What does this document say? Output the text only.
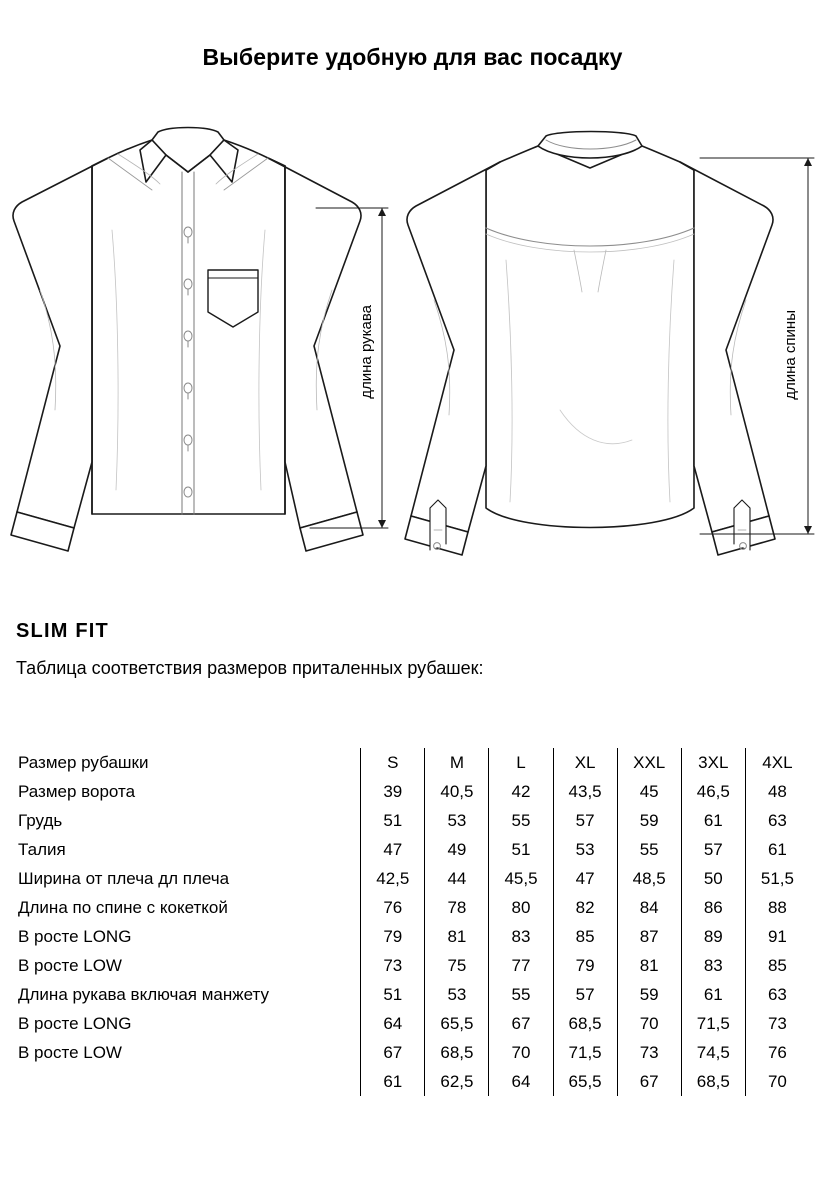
Выберите удобную для вас посадку
длина рукава	длина спины
SLIM FIT
Таблица соответствия размеров приталенных рубашек:
Размер рубашки	S	M	L	XL	XXL	3XL	4XL
Размер ворота	39	40,5	42	43,5	45	46,5	48
Грудь	51	53	55	57	59	61	63
Талия	47	49	51	53	55	57	61
Ширина от плеча дл плеча	42,5	44	45,5	47	48,5	50	51,5
Длина по спине с кокеткой	76	78	80	82	84	86	88
В росте LONG	79	81	83	85	87	89	91
В росте LOW	73	75	77	79	81	83	85
Длина рукава включая манжету	51	53	55	57	59	61	63
В росте LONG	64	65,5	67	68,5	70	71,5	73
В росте LOW	67	68,5	70	71,5	73	74,5	76
	61	62,5	64	65,5	67	68,5	70
